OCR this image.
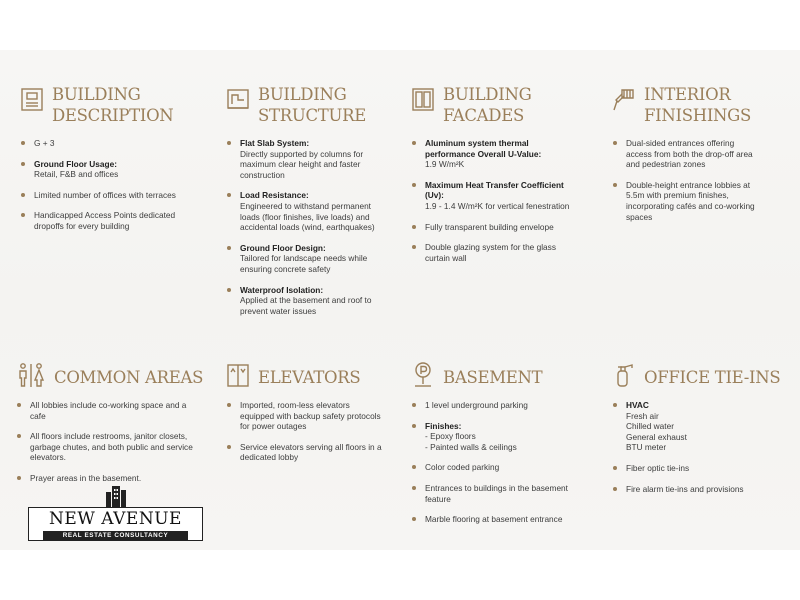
BUILDING
DESCRIPTION
G + 3
Ground Floor Usage:
Retail, F&B and offices
Limited number of offices with terraces
Handicapped Access Points dedicated dropoffs for every building
BUILDING
STRUCTURE
Flat Slab System:
Directly supported by columns for maximum clear height and faster construction
Load Resistance:
Engineered to withstand permanent loads (floor finishes, live loads) and accidental loads (wind, earthquakes)
Ground Floor Design:
Tailored for landscape needs while ensuring concrete safety
Waterproof Isolation:
Applied at the basement and roof to prevent water issues
BUILDING
FACADES
Aluminum system thermal performance Overall U-Value:
1.9 W/m²K
Maximum Heat Transfer Coefficient (Uv):
1.9 - 1.4 W/m²K for vertical fenestration
Fully transparent building envelope
Double glazing system for the glass curtain wall
INTERIOR
FINISHINGS
Dual-sided entrances offering access from both the drop-off area and pedestrian zones
Double-height entrance lobbies at 5.5m with premium finishes, incorporating cafés and co-working spaces
COMMON AREAS
All lobbies include co-working space and a cafe
All floors include restrooms, janitor closets, garbage chutes, and both public and service elevators.
Prayer areas in the basement.
ELEVATORS
Imported, room-less elevators equipped with backup safety protocols for power outages
Service elevators serving all floors in a dedicated lobby
BASEMENT
1 level underground parking
Finishes:
- Epoxy floors
- Painted walls & ceilings
Color coded parking
Entrances to buildings in the basement feature
Marble flooring at basement entrance
OFFICE TIE-INS
HVAC
Fresh air
Chilled water
General exhaust
BTU meter
Fiber optic tie-ins
Fire alarm tie-ins and provisions
NEW AVENUE
REAL ESTATE CONSULTANCY
